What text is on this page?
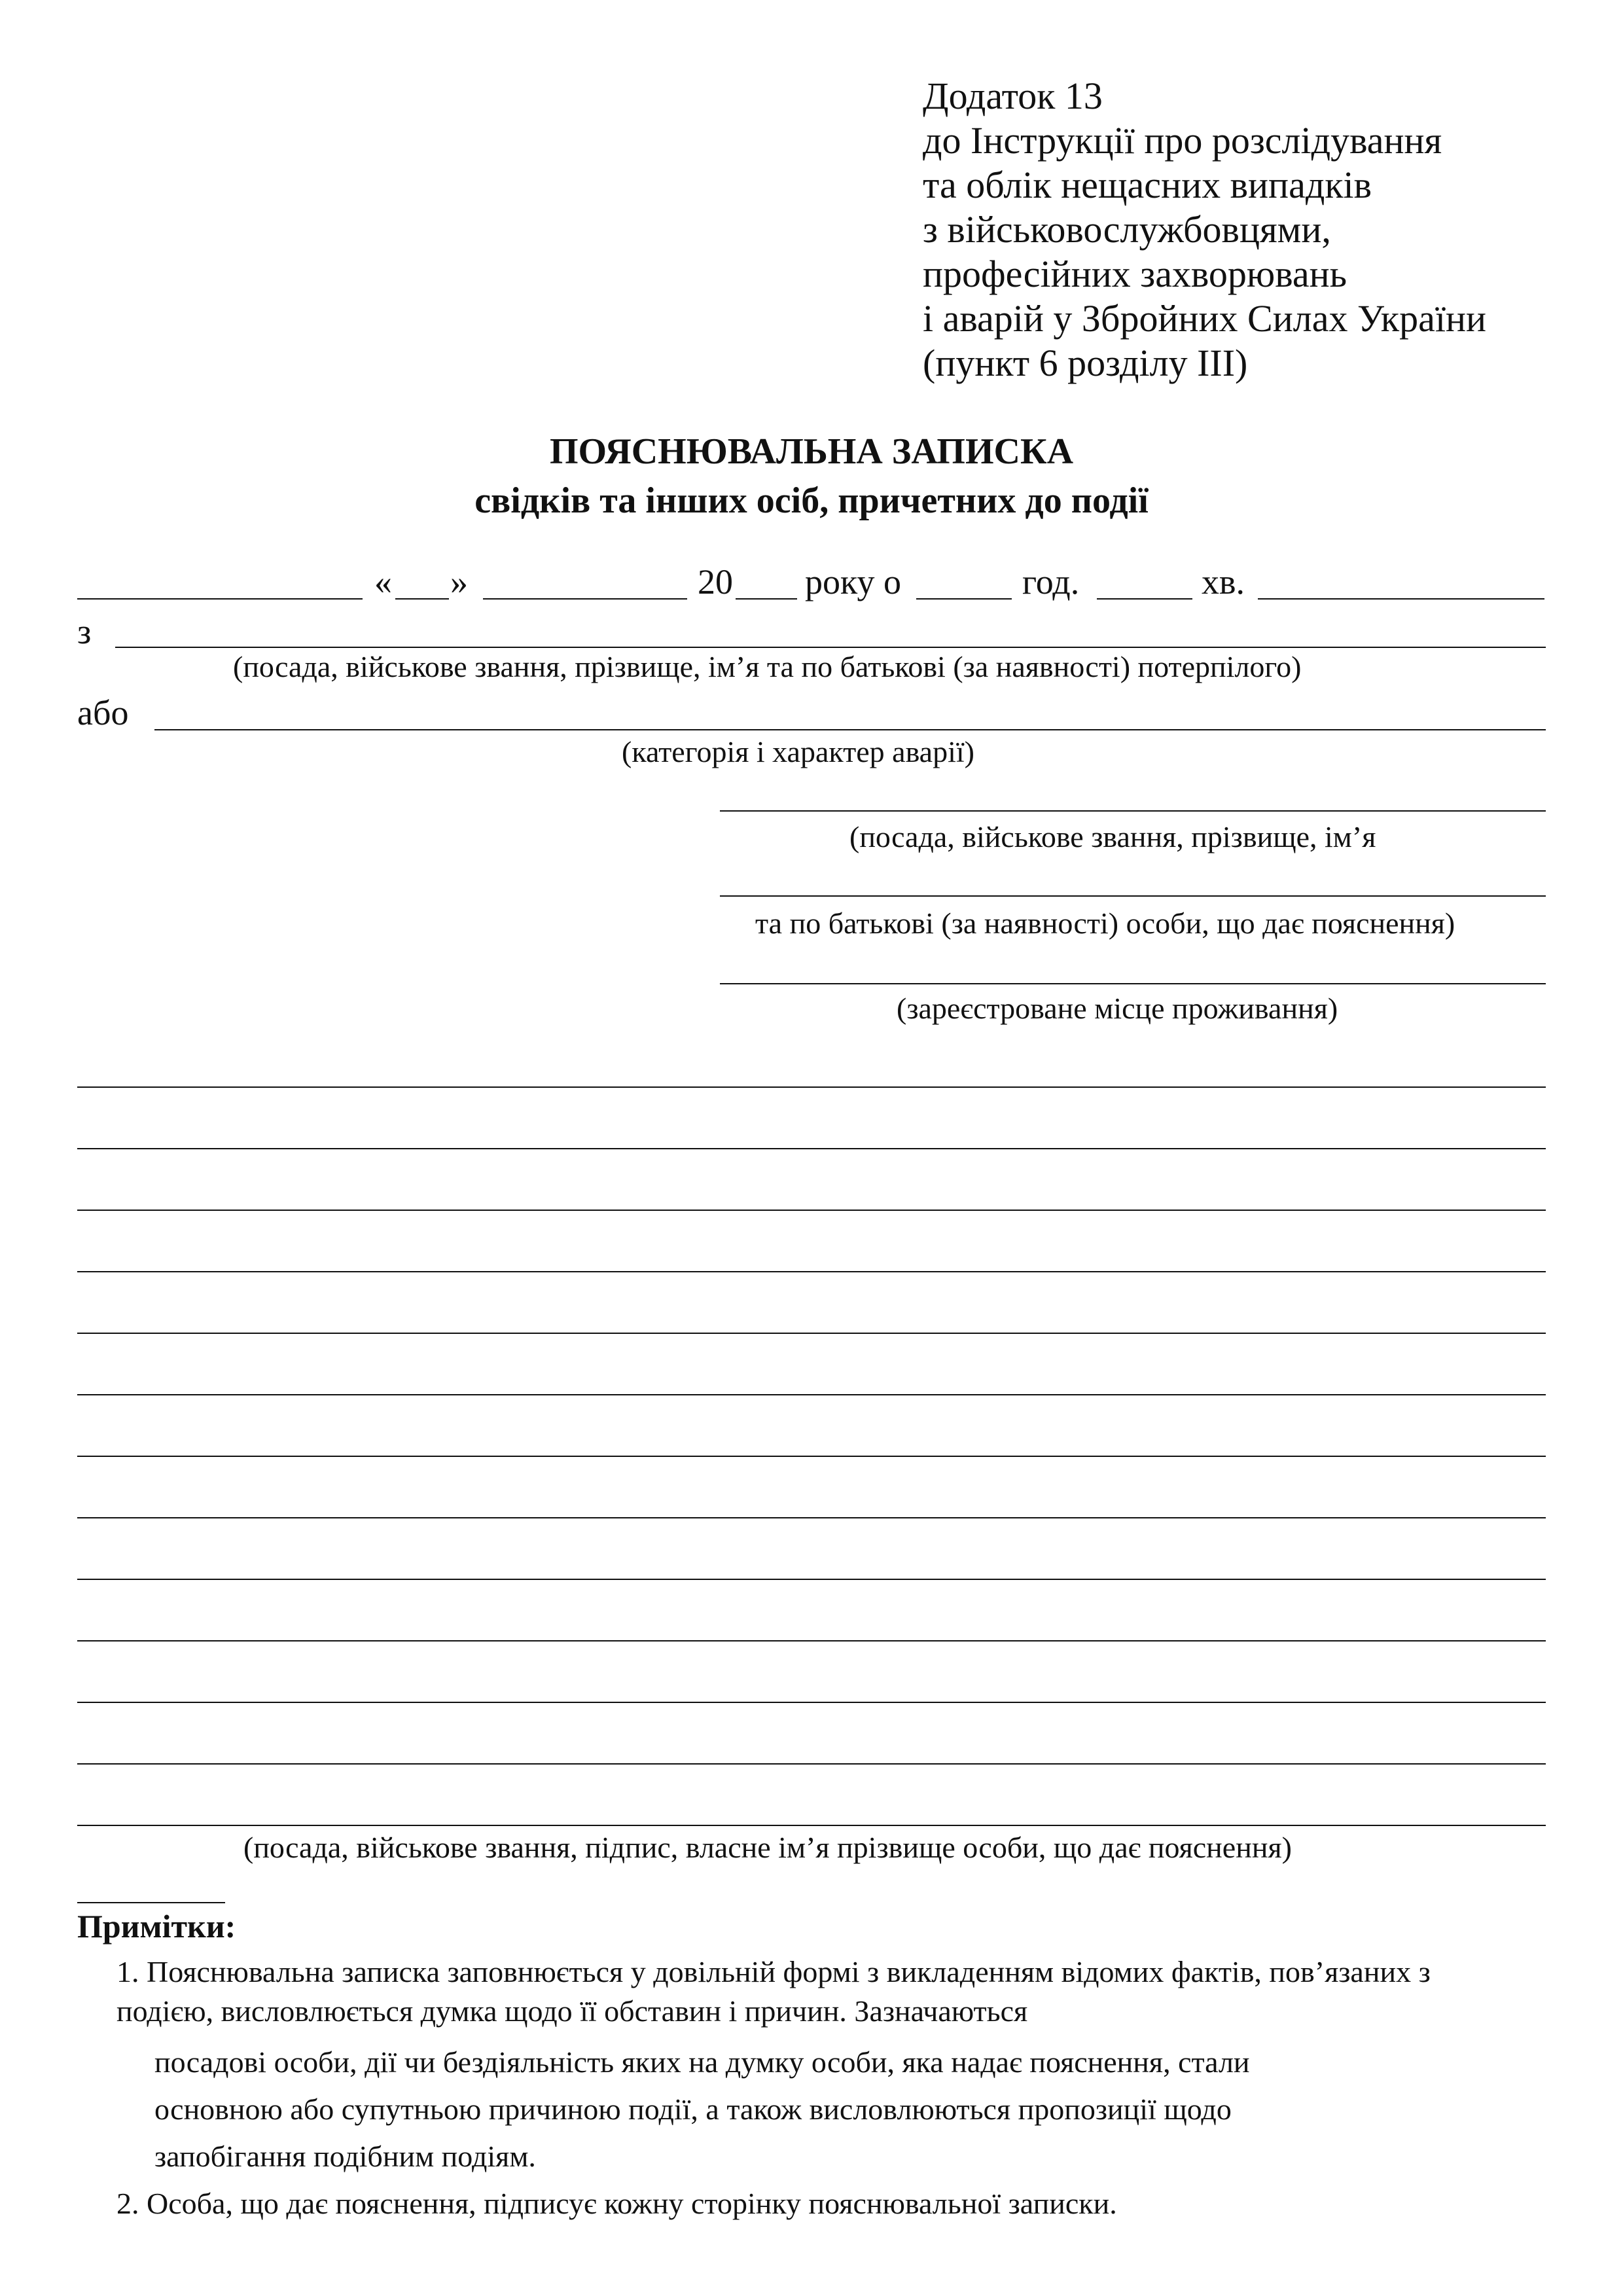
Додаток 13
до Інструкції про розслідування
та облік нещасних випадків
з військовослужбовцями,
професійних захворювань
і аварій у Збройних Силах України
(пункт 6 розділу III)
ПОЯСНЮВАЛЬНА ЗАПИСКА
свідків та інших осіб, причетних до події
« »	20 року о	год.	хв.
з
(посада, військове звання, прізвище, ім’я та по батькові (за наявності) потерпілого)
або
(категорія і характер аварії)
(посада, військове звання, прізвище, ім’я
та по батькові (за наявності) особи, що дає пояснення)
(зареєстроване місце проживання)
(посада, військове звання, підпис, власне ім’я прізвище особи, що дає пояснення)
Примітки:
1. Пояснювальна записка заповнюється у довільній формі з викладенням відомих фактів, пов’язаних з
подією, висловлюється думка щодо її обставин і причин. Зазначаються
посадові особи, дії чи бездіяльність яких на думку особи, яка надає пояснення, стали
основною або супутньою причиною події, а також висловлюються пропозиції щодо
запобігання подібним подіям.
2. Особа, що дає пояснення, підписує кожну сторінку пояснювальної записки.
